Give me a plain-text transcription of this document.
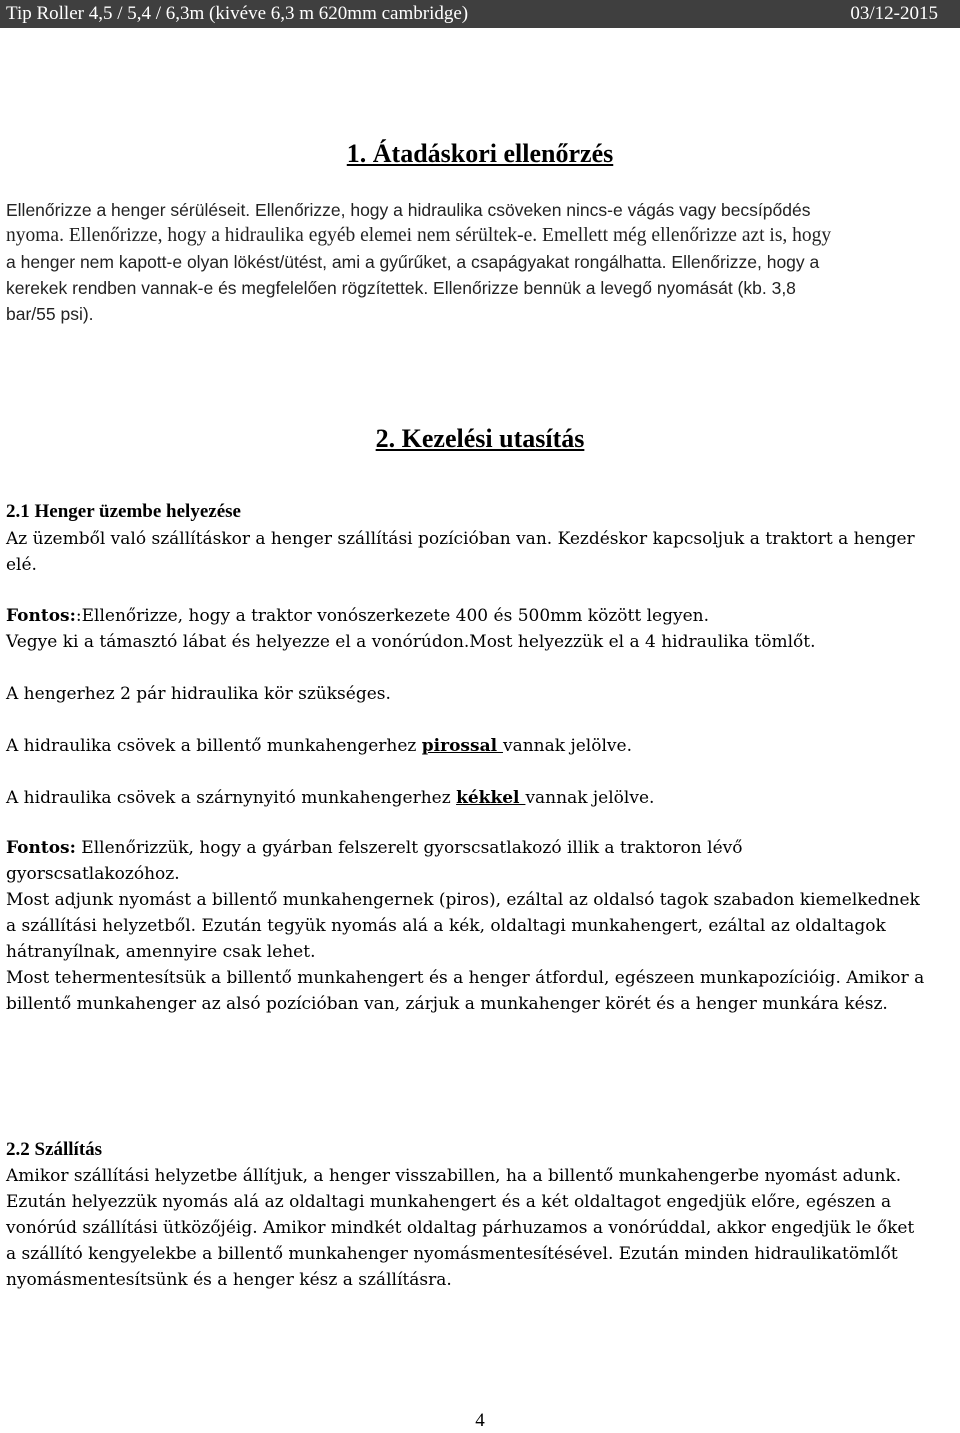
Tip Roller 4,5 / 5,4 / 6,3m (kivéve 6,3 m 620mm cambridge)	03/12-2015
1. Átadáskori ellenőrzés

Ellenőrizze a henger sérüléseit. Ellenőrizze, hogy a hidraulika csöveken nincs-e vágás vagy becsípődés
nyoma. Ellenőrizze, hogy a hidraulika egyéb elemei nem sérültek-e. Emellett még ellenőrizze azt is, hogy
a henger nem kapott-e olyan lökést/ütést, ami a gyűrűket, a csapágyakat rongálhatta. Ellenőrizze, hogy a
kerekek rendben vannak-e és megfelelően rögzítettek. Ellenőrizze bennük a levegő nyomását (kb. 3,8
bar/55 psi).

2. Kezelési utasítás
2.1 Henger üzembe helyezése

Az üzemből való szállításkor a henger szállítási pozícióban van. Kezdéskor kapcsoljuk a traktort a henger
elé.

Fontos::Ellenőrizze, hogy a traktor vonószerkezete 400 és 500mm között legyen.
Vegye ki a támasztó lábat és helyezze el a vonórúdon.Most helyezzük el a 4 hidraulika tömlőt.

A hengerhez 2 pár hidraulika kör szükséges.

A hidraulika csövek a billentő munkahengerhez pirossal vannak jelölve.

A hidraulika csövek a szárnynyitó munkahengerhez kékkel vannak jelölve.

Fontos: Ellenőrizzük, hogy a gyárban felszerelt gyorscsatlakozó illik a traktoron lévő
gyorscsatlakozóhoz.
Most adjunk nyomást a billentő munkahengernek (piros), ezáltal az oldalsó tagok szabadon kiemelkednek
a szállítási helyzetből. Ezután tegyük nyomás alá a kék, oldaltagi munkahengert, ezáltal az oldaltagok
hátranyílnak, amennyire csak lehet.
Most tehermentesítsük a billentő munkahengert és a henger átfordul, egészeen munkapozícióig. Amikor a
billentő munkahenger az alsó pozícióban van, zárjuk a munkahenger körét és a henger munkára kész.

2.2 Szállítás

Amikor szállítási helyzetbe állítjuk, a henger visszabillen, ha a billentő munkahengerbe nyomást adunk.
Ezután helyezzük nyomás alá az oldaltagi munkahengert és a két oldaltagot engedjük előre, egészen a
vonórúd szállítási ütközőjéig. Amikor mindkét oldaltag párhuzamos a vonórúddal, akkor engedjük le őket
a szállító kengyelekbe a billentő munkahenger nyomásmentesítésével. Ezután minden hidraulikatömlőt
nyomásmentesítsünk és a henger kész a szállításra.

4
